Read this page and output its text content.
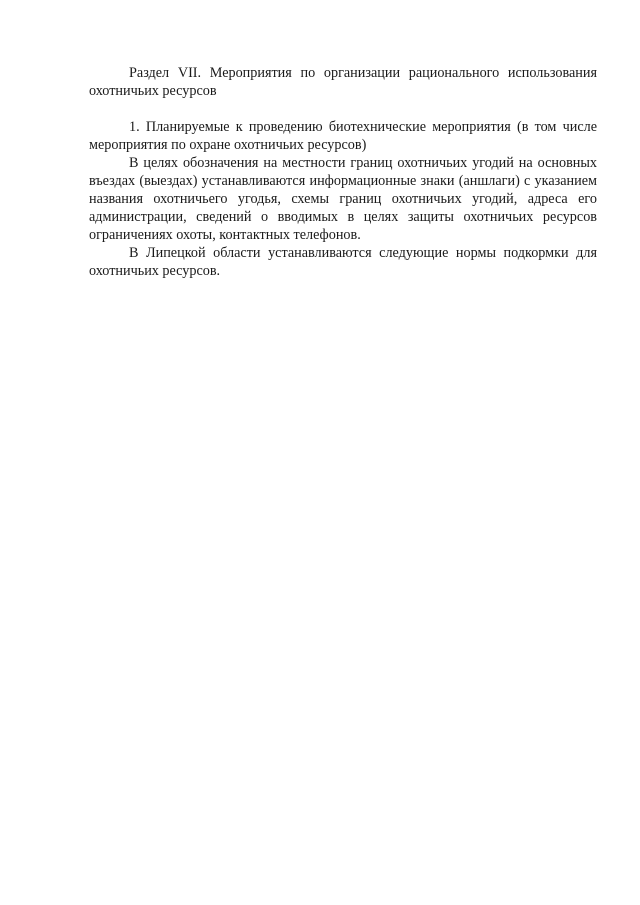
Раздел VII. Мероприятия по организации рационального использования охотничьих ресурсов

1. Планируемые к проведению биотехнические мероприятия (в том числе мероприятия по охране охотничьих ресурсов)

В целях обозначения на местности границ охотничьих угодий на основных въездах (выездах) устанавливаются информационные знаки (аншлаги) с указанием названия охотничьего угодья, схемы границ охотничьих угодий, адреса его администрации, сведений о вводимых в целях защиты охотничьих ресурсов ограничениях охоты, контактных телефонов.

В Липецкой области устанавливаются следующие нормы подкормки для охотничьих ресурсов.
